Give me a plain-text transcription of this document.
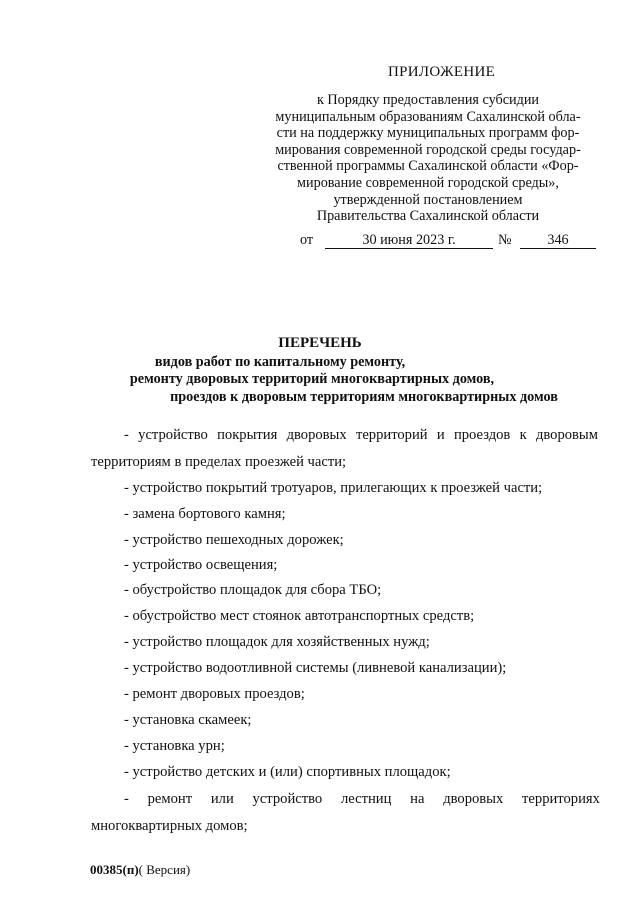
ПРИЛОЖЕНИЕ
к Порядку предоставления субсидии
муниципальным образованиям Сахалинской обла-
сти на поддержку муниципальных программ фор-
мирования современной городской среды государ-
ственной программы Сахалинской области «Фор-
мирование современной городской среды»,
утвержденной постановлением
Правительства Сахалинской области
от	30 июня 2023 г.	№	346
ПЕРЕЧЕНЬ
видов работ по капитальному ремонту,
ремонту дворовых территорий многоквартирных домов,
проездов к дворовым территориям многоквартирных домов
- устройство покрытия дворовых территорий и проездов к дворовым
территориям в пределах проезжей части;
- устройство покрытий тротуаров, прилегающих к проезжей части;
- замена бортового камня;
- устройство пешеходных дорожек;
- устройство освещения;
- обустройство площадок для сбора ТБО;
- обустройство мест стоянок автотранспортных средств;
- устройство площадок для хозяйственных нужд;
- устройство водоотливной системы (ливневой канализации);
- ремонт дворовых проездов;
- установка скамеек;
- установка урн;
- устройство детских и (или) спортивных площадок;
- ремонт или устройство лестниц на дворовых территориях
многоквартирных домов;
00385(п)( Версия)
